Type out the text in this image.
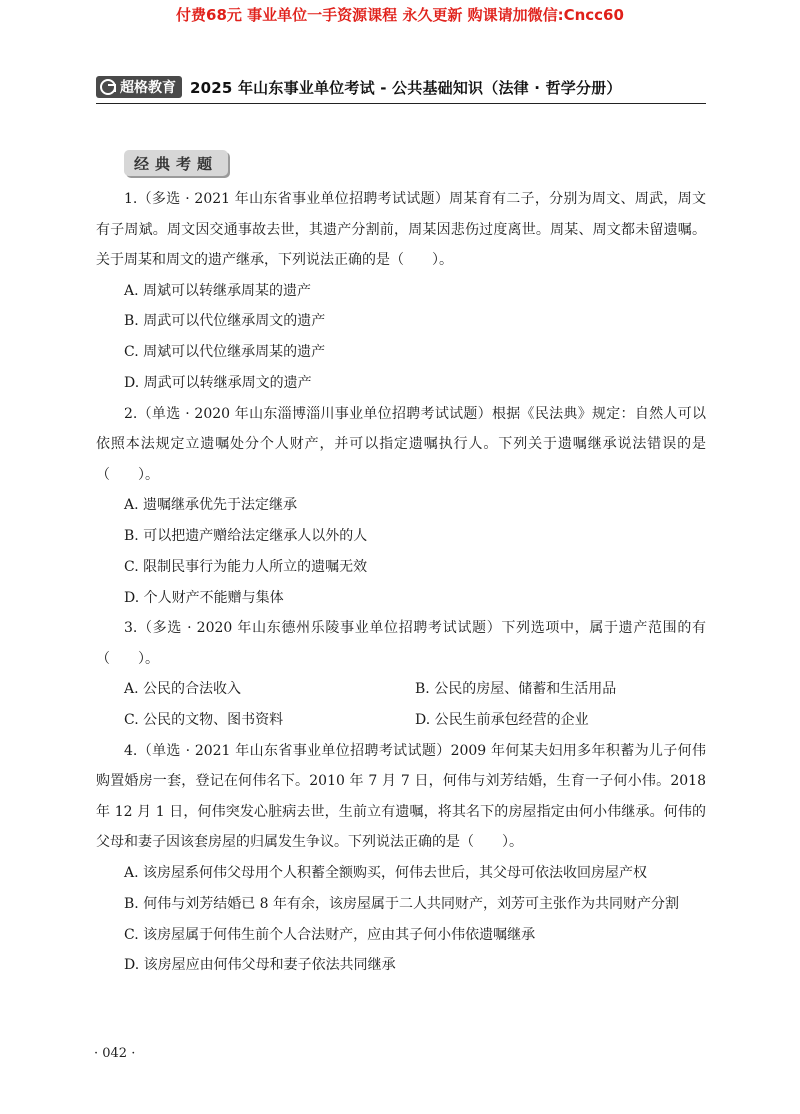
付费68元 事业单位一手资源课程 永久更新 购课请加微信:Cncc60
超格教育 2025 年山东事业单位考试 - 公共基础知识（法律 · 哲学分册）
经典考题

1.（多选 · 2021 年山东省事业单位招聘考试试题）周某育有二子，分别为周文、周武，周文有子周斌。周文因交通事故去世，其遗产分割前，周某因悲伤过度离世。周某、周文都未留遗嘱。关于周某和周文的遗产继承，下列说法正确的是（　　）。

A. 周斌可以转继承周某的遗产

B. 周武可以代位继承周文的遗产

C. 周斌可以代位继承周某的遗产

D. 周武可以转继承周文的遗产

2.（单选 · 2020 年山东淄博淄川事业单位招聘考试试题）根据《民法典》规定：自然人可以依照本法规定立遗嘱处分个人财产，并可以指定遗嘱执行人。下列关于遗嘱继承说法错误的是（　　）。

A. 遗嘱继承优先于法定继承

B. 可以把遗产赠给法定继承人以外的人

C. 限制民事行为能力人所立的遗嘱无效

D. 个人财产不能赠与集体

3.（多选 · 2020 年山东德州乐陵事业单位招聘考试试题）下列选项中，属于遗产范围的有（　　）。

A. 公民的合法收入	B. 公民的房屋、储蓄和生活用品
C. 公民的文物、图书资料	D. 公民生前承包经营的企业

4.（单选 · 2021 年山东省事业单位招聘考试试题）2009 年何某夫妇用多年积蓄为儿子何伟购置婚房一套，登记在何伟名下。2010 年 7 月 7 日，何伟与刘芳结婚，生育一子何小伟。2018 年 12 月 1 日，何伟突发心脏病去世，生前立有遗嘱，将其名下的房屋指定由何小伟继承。何伟的父母和妻子因该套房屋的归属发生争议。下列说法正确的是（　　）。

A. 该房屋系何伟父母用个人积蓄全额购买，何伟去世后，其父母可依法收回房屋产权

B. 何伟与刘芳结婚已 8 年有余，该房屋属于二人共同财产，刘芳可主张作为共同财产分割

C. 该房屋属于何伟生前个人合法财产，应由其子何小伟依遗嘱继承

D. 该房屋应由何伟父母和妻子依法共同继承

· 042 ·
